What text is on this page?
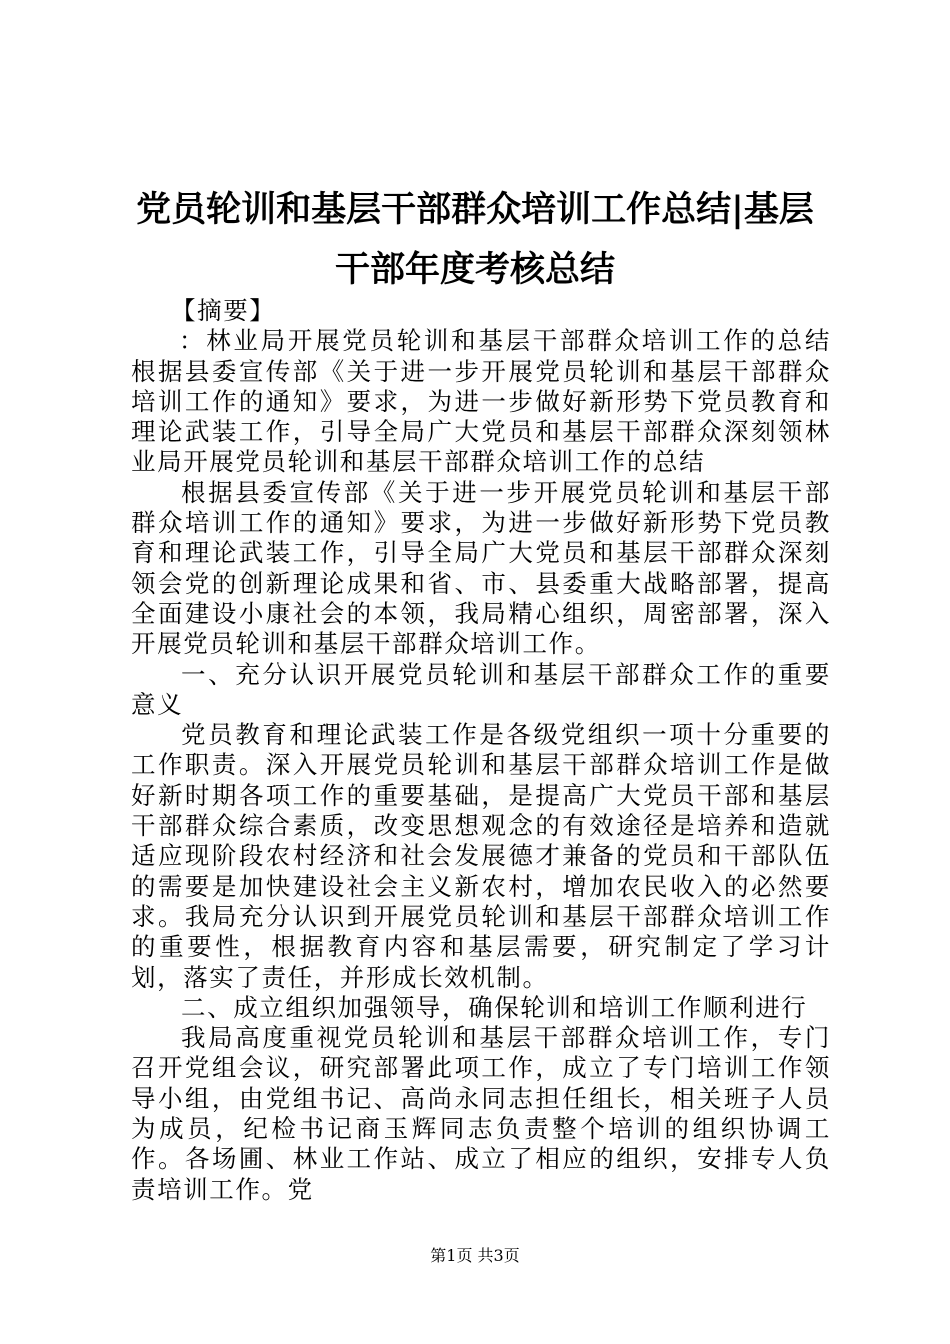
党员轮训和基层干部群众培训工作总结|基层
干部年度考核总结

【摘要】

：林业局开展党员轮训和基层干部群众培训工作的总结根据县委宣传部《关于进一步开展党员轮训和基层干部群众培训工作的通知》要求，为进一步做好新形势下党员教育和理论武装工作，引导全局广大党员和基层干部群众深刻领林业局开展党员轮训和基层干部群众培训工作的总结

根据县委宣传部《关于进一步开展党员轮训和基层干部群众培训工作的通知》要求，为进一步做好新形势下党员教育和理论武装工作，引导全局广大党员和基层干部群众深刻领会党的创新理论成果和省、市、县委重大战略部署，提高全面建设小康社会的本领，我局精心组织，周密部署，深入开展党员轮训和基层干部群众培训工作。

一、充分认识开展党员轮训和基层干部群众工作的重要意义

党员教育和理论武装工作是各级党组织一项十分重要的工作职责。深入开展党员轮训和基层干部群众培训工作是做好新时期各项工作的重要基础，是提高广大党员干部和基层干部群众综合素质，改变思想观念的有效途径是培养和造就适应现阶段农村经济和社会发展德才兼备的党员和干部队伍的需要是加快建设社会主义新农村，增加农民收入的必然要求。我局充分认识到开展党员轮训和基层干部群众培训工作的重要性，根据教育内容和基层需要，研究制定了学习计划，落实了责任，并形成长效机制。

二、成立组织加强领导，确保轮训和培训工作顺利进行

我局高度重视党员轮训和基层干部群众培训工作，专门召开党组会议，研究部署此项工作，成立了专门培训工作领导小组，由党组书记、高尚永同志担任组长，相关班子人员为成员，纪检书记商玉辉同志负责整个培训的组织协调工作。各场圃、林业工作站、成立了相应的组织，安排专人负责培训工作。党

第1页 共3页
